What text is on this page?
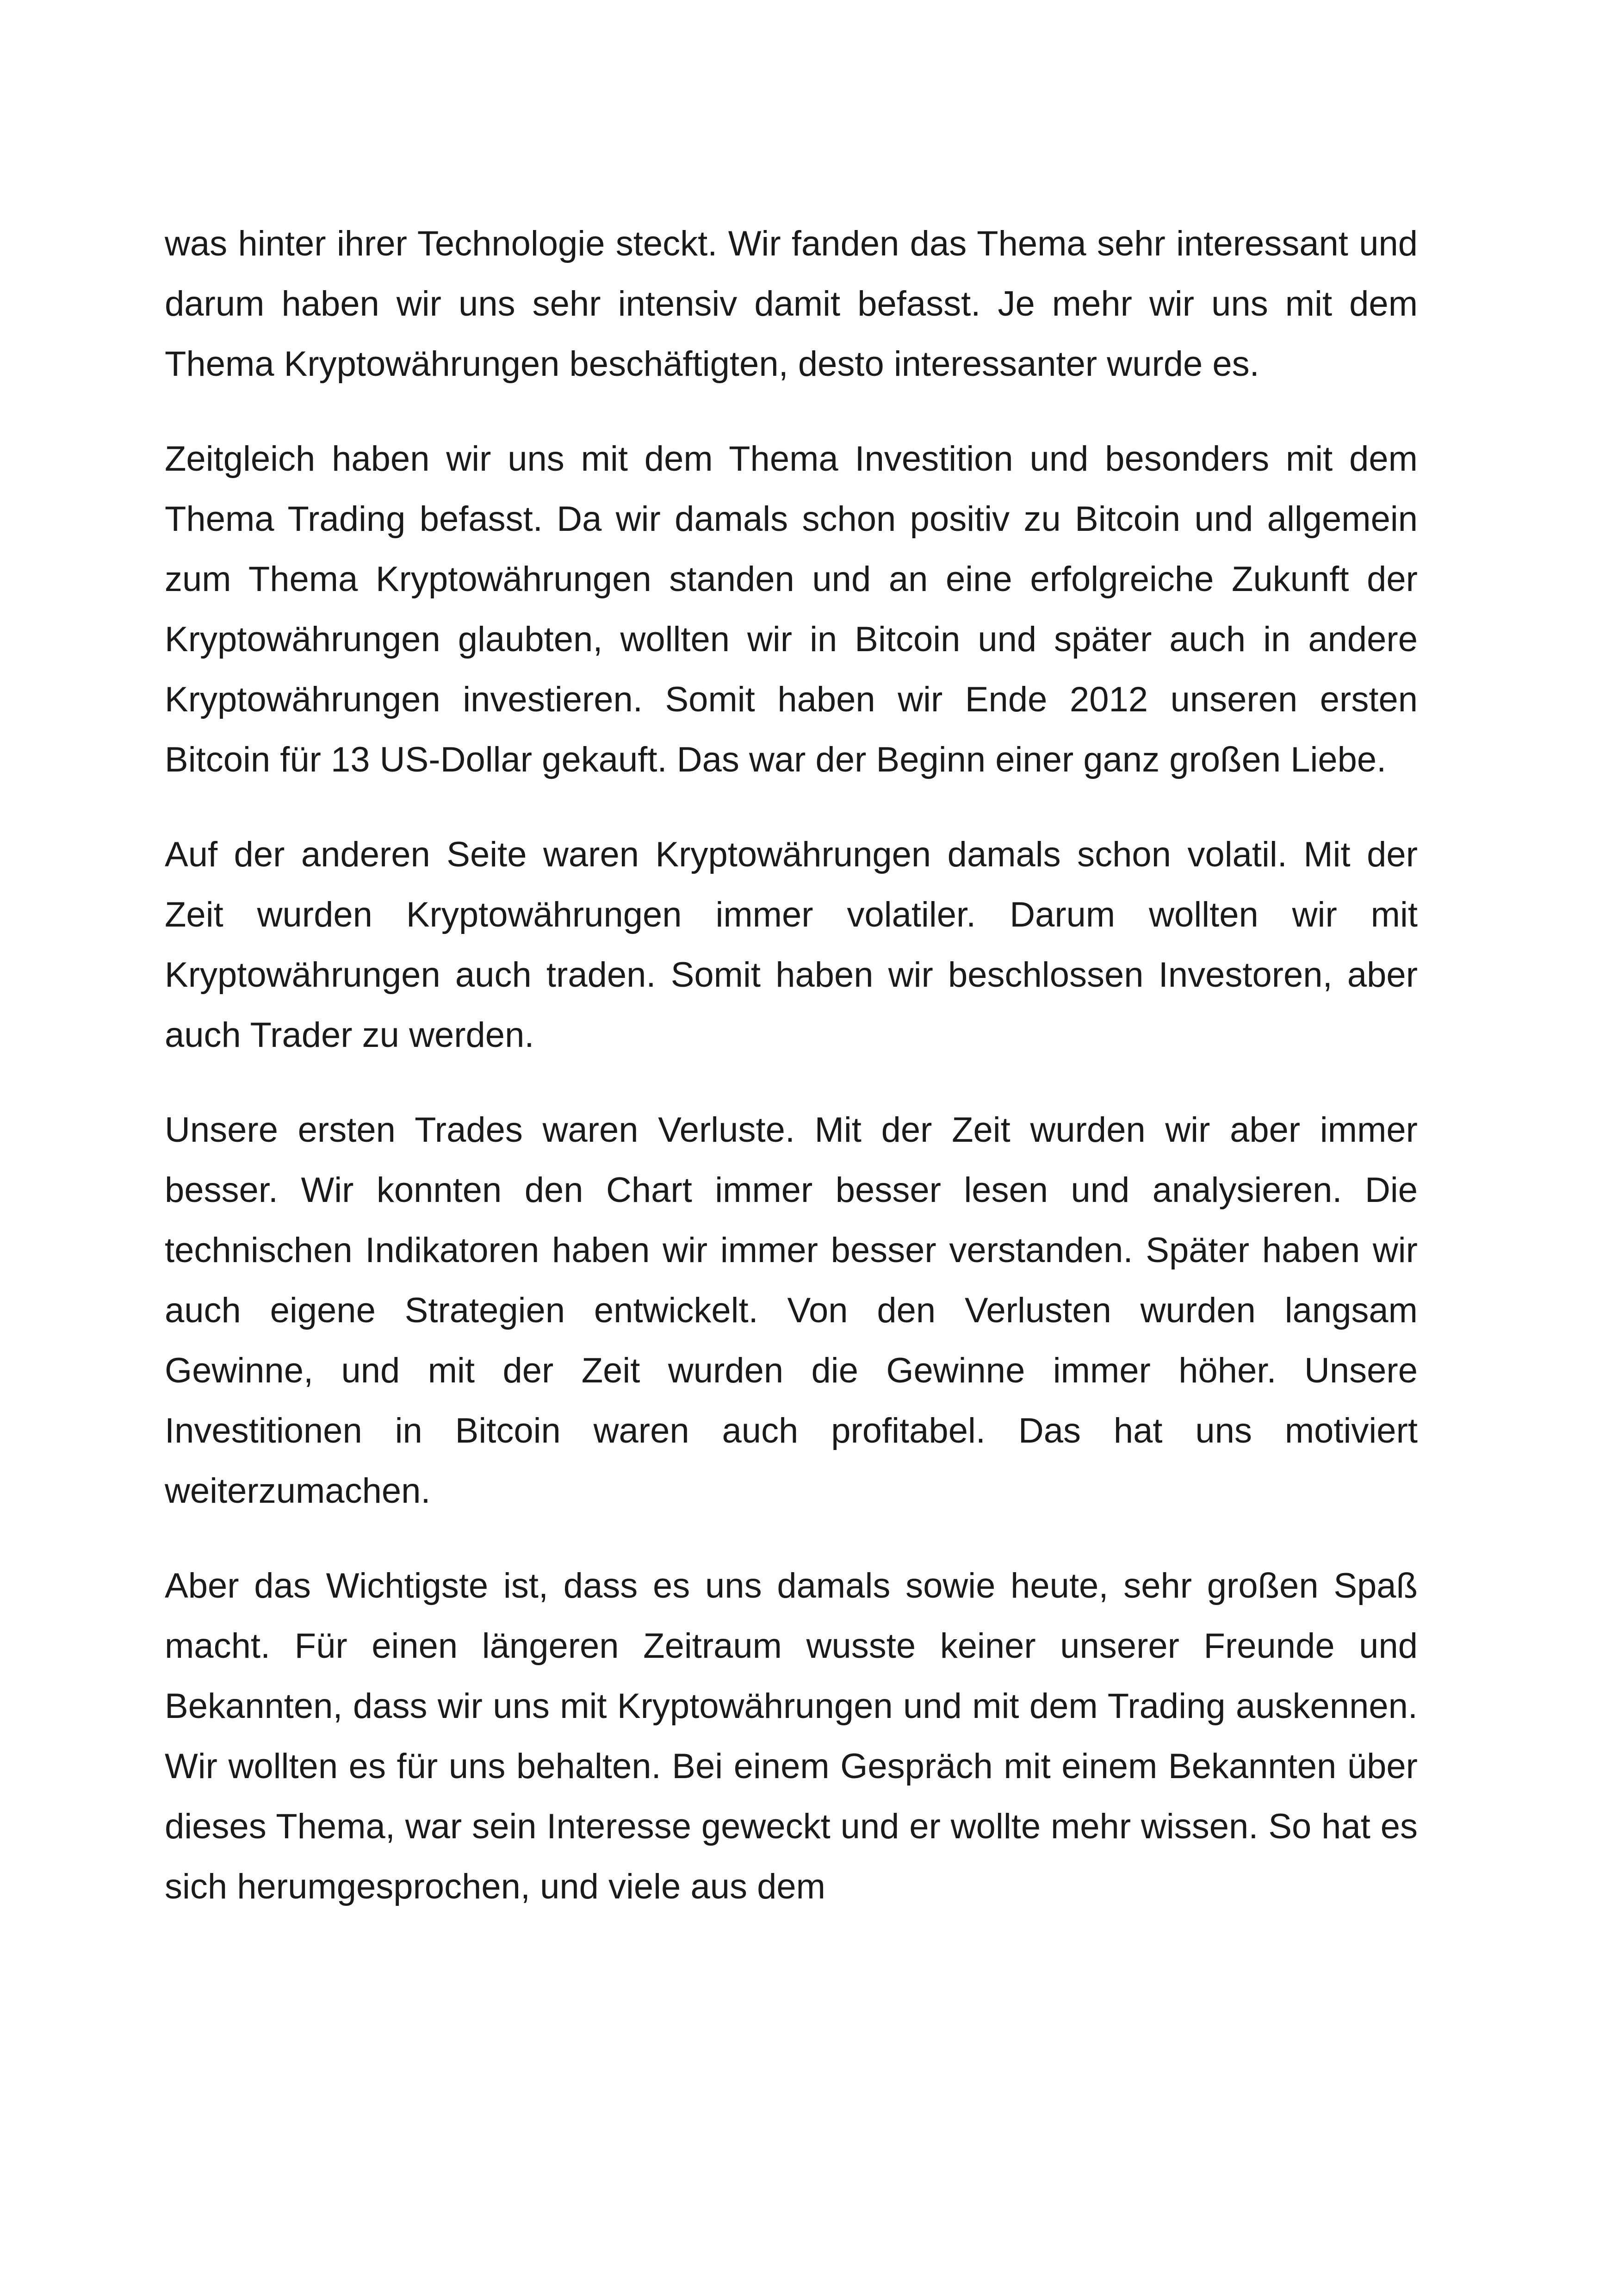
was hinter ihrer Technologie steckt. Wir fanden das Thema sehr interessant und darum haben wir uns sehr intensiv damit befasst. Je mehr wir uns mit dem Thema Kryptowährungen beschäftigten, desto interessanter wurde es.

Zeitgleich haben wir uns mit dem Thema Investition und besonders mit dem Thema Trading befasst. Da wir damals schon positiv zu Bitcoin und allgemein zum Thema Kryptowährungen standen und an eine erfolgreiche Zukunft der Kryptowährungen glaubten, wollten wir in Bitcoin und später auch in andere Kryptowährungen investieren. Somit haben wir Ende 2012 unseren ersten Bitcoin für 13 US-Dollar gekauft. Das war der Beginn einer ganz großen Liebe.

Auf der anderen Seite waren Kryptowährungen damals schon volatil. Mit der Zeit wurden Kryptowährungen immer volatiler. Darum wollten wir mit Kryptowährungen auch traden. Somit haben wir beschlossen Investoren, aber auch Trader zu werden.

Unsere ersten Trades waren Verluste. Mit der Zeit wurden wir aber immer besser. Wir konnten den Chart immer besser lesen und analysieren. Die technischen Indikatoren haben wir immer besser verstanden. Später haben wir auch eigene Strategien entwickelt. Von den Verlusten wurden langsam Gewinne, und mit der Zeit wurden die Gewinne immer höher. Unsere Investitionen in Bitcoin waren auch profitabel. Das hat uns motiviert weiterzumachen.

Aber das Wichtigste ist, dass es uns damals sowie heute, sehr großen Spaß macht. Für einen längeren Zeitraum wusste keiner unserer Freunde und Bekannten, dass wir uns mit Kryptowährungen und mit dem Trading auskennen. Wir wollten es für uns behalten. Bei einem Gespräch mit einem Bekannten über dieses Thema, war sein Interesse geweckt und er wollte mehr wissen. So hat es sich herumgesprochen, und viele aus dem
